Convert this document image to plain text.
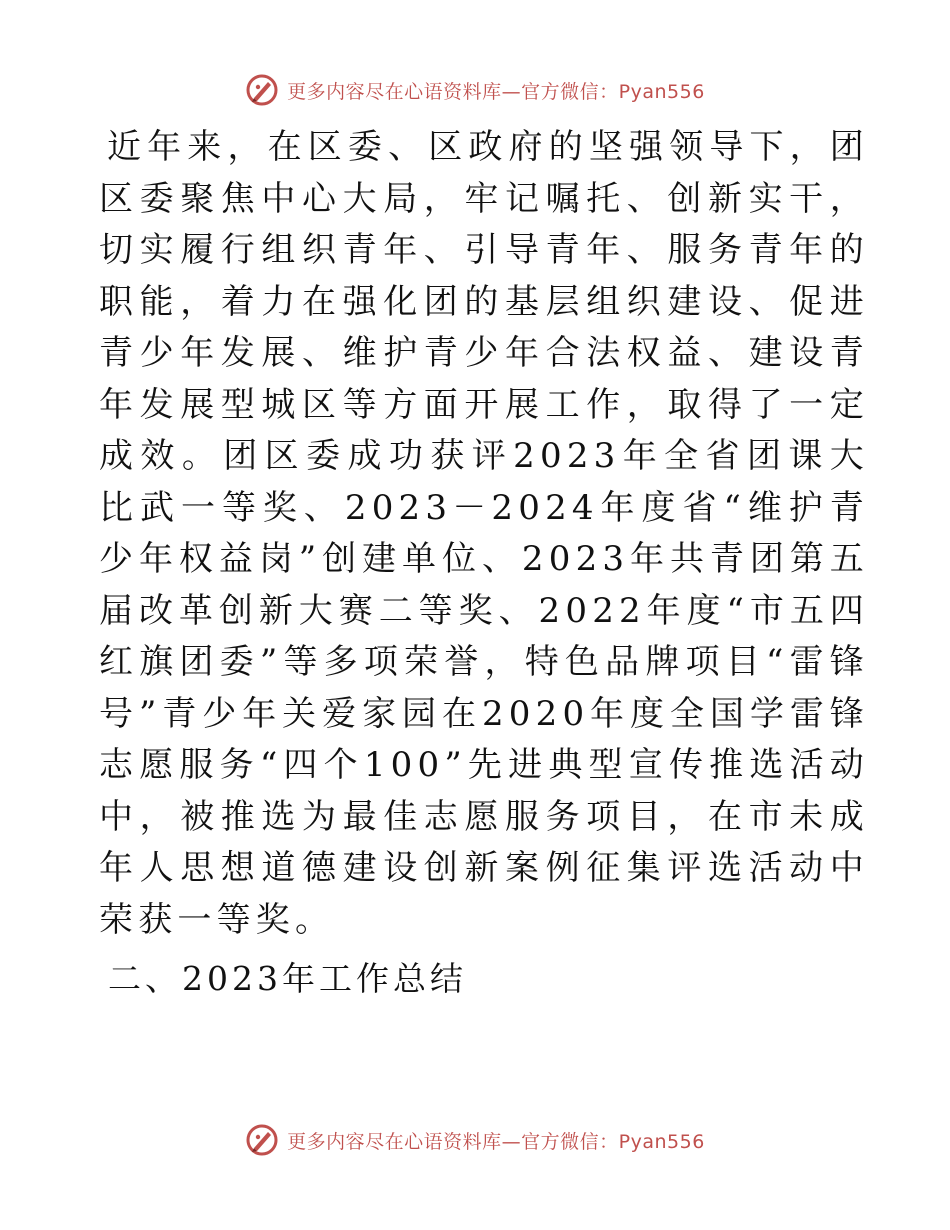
更多内容尽在心语资料库—官方微信：Pyan556

近年来，在区委、区政府的坚强领导下，团区委聚焦中心大局，牢记嘱托、创新实干，切实履行组织青年、引导青年、服务青年的职能，着力在强化团的基层组织建设、促进青少年发展、维护青少年合法权益、建设青年发展型城区等方面开展工作，取得了一定成效。团区委成功获评2023年全省团课大比武一等奖、2023－2024年度省“维护青少年权益岗”创建单位、2023年共青团第五届改革创新大赛二等奖、2022年度“市五四红旗团委”等多项荣誉，特色品牌项目“雷锋号”青少年关爱家园在2020年度全国学雷锋志愿服务“四个100”先进典型宣传推选活动中，被推选为最佳志愿服务项目，在市未成年人思想道德建设创新案例征集评选活动中荣获一等奖。

二、2023年工作总结
更多内容尽在心语资料库—官方微信：Pyan556
